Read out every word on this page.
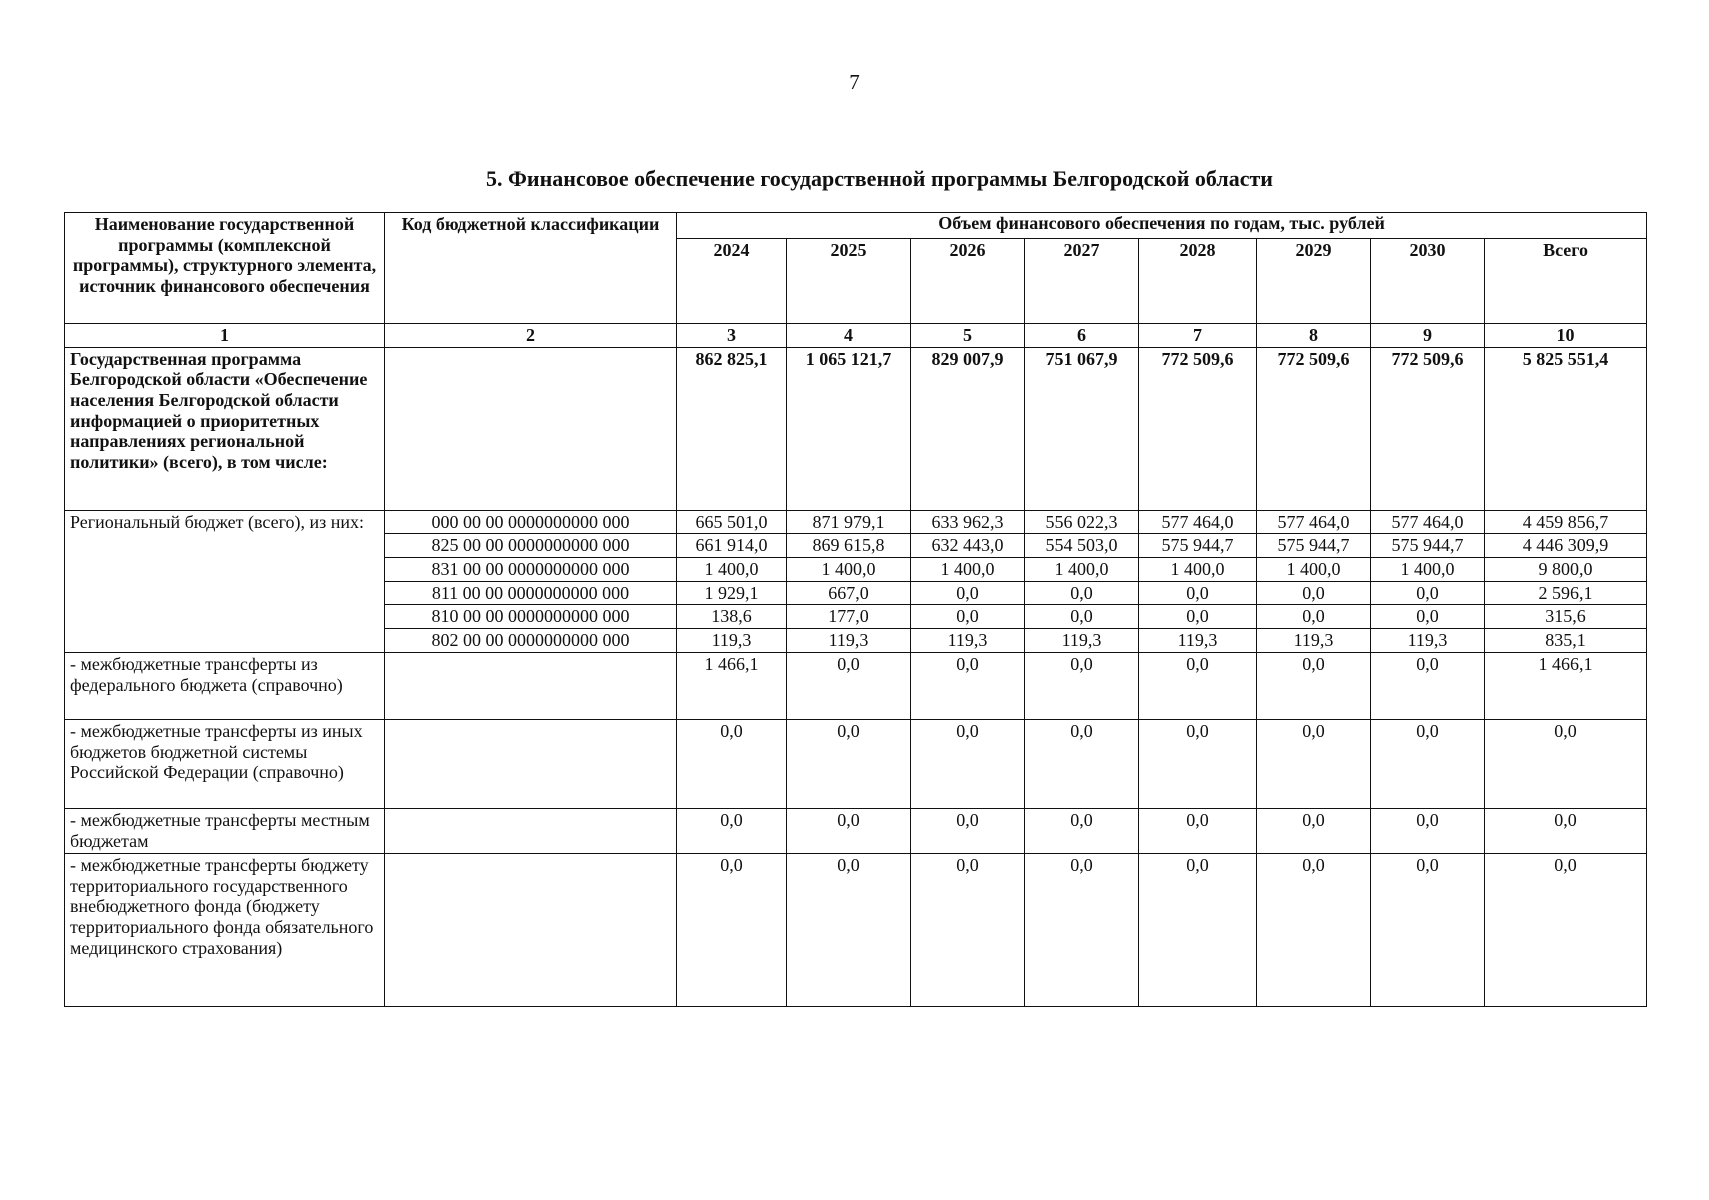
7
5. Финансовое обеспечение государственной программы Белгородской области
Наименование государственной программы (комплексной программы), структурного элемента, источник финансового обеспечения	Код бюджетной классификации	Объем финансового обеспечения по годам, тыс. рублей							
		2024	2025	2026	2027	2028	2029	2030	Всего
1	2	3	4	5	6	7	8	9	10
Государственная программа Белгородской области «Обеспечение населения Белгородской области информацией о приоритетных направлениях региональной политики» (всего), в том числе:		862 825,1	1 065 121,7	829 007,9	751 067,9	772 509,6	772 509,6	772 509,6	5 825 551,4
Региональный бюджет (всего), из них:	000 00 00 0000000000 000	665 501,0	871 979,1	633 962,3	556 022,3	577 464,0	577 464,0	577 464,0	4 459 856,7
	825 00 00 0000000000 000	661 914,0	869 615,8	632 443,0	554 503,0	575 944,7	575 944,7	575 944,7	4 446 309,9
	831 00 00 0000000000 000	1 400,0	1 400,0	1 400,0	1 400,0	1 400,0	1 400,0	1 400,0	9 800,0
	811 00 00 0000000000 000	1 929,1	667,0	0,0	0,0	0,0	0,0	0,0	2 596,1
	810 00 00 0000000000 000	138,6	177,0	0,0	0,0	0,0	0,0	0,0	315,6
	802 00 00 0000000000 000	119,3	119,3	119,3	119,3	119,3	119,3	119,3	835,1
- межбюджетные трансферты из федерального бюджета (справочно)		1 466,1	0,0	0,0	0,0	0,0	0,0	0,0	1 466,1
- межбюджетные трансферты из иных бюджетов бюджетной системы Российской Федерации (справочно)		0,0	0,0	0,0	0,0	0,0	0,0	0,0	0,0
- межбюджетные трансферты местным бюджетам		0,0	0,0	0,0	0,0	0,0	0,0	0,0	0,0
- межбюджетные трансферты бюджету территориального государственного внебюджетного фонда (бюджету территориального фонда обязательного медицинского страхования)		0,0	0,0	0,0	0,0	0,0	0,0	0,0	0,0
